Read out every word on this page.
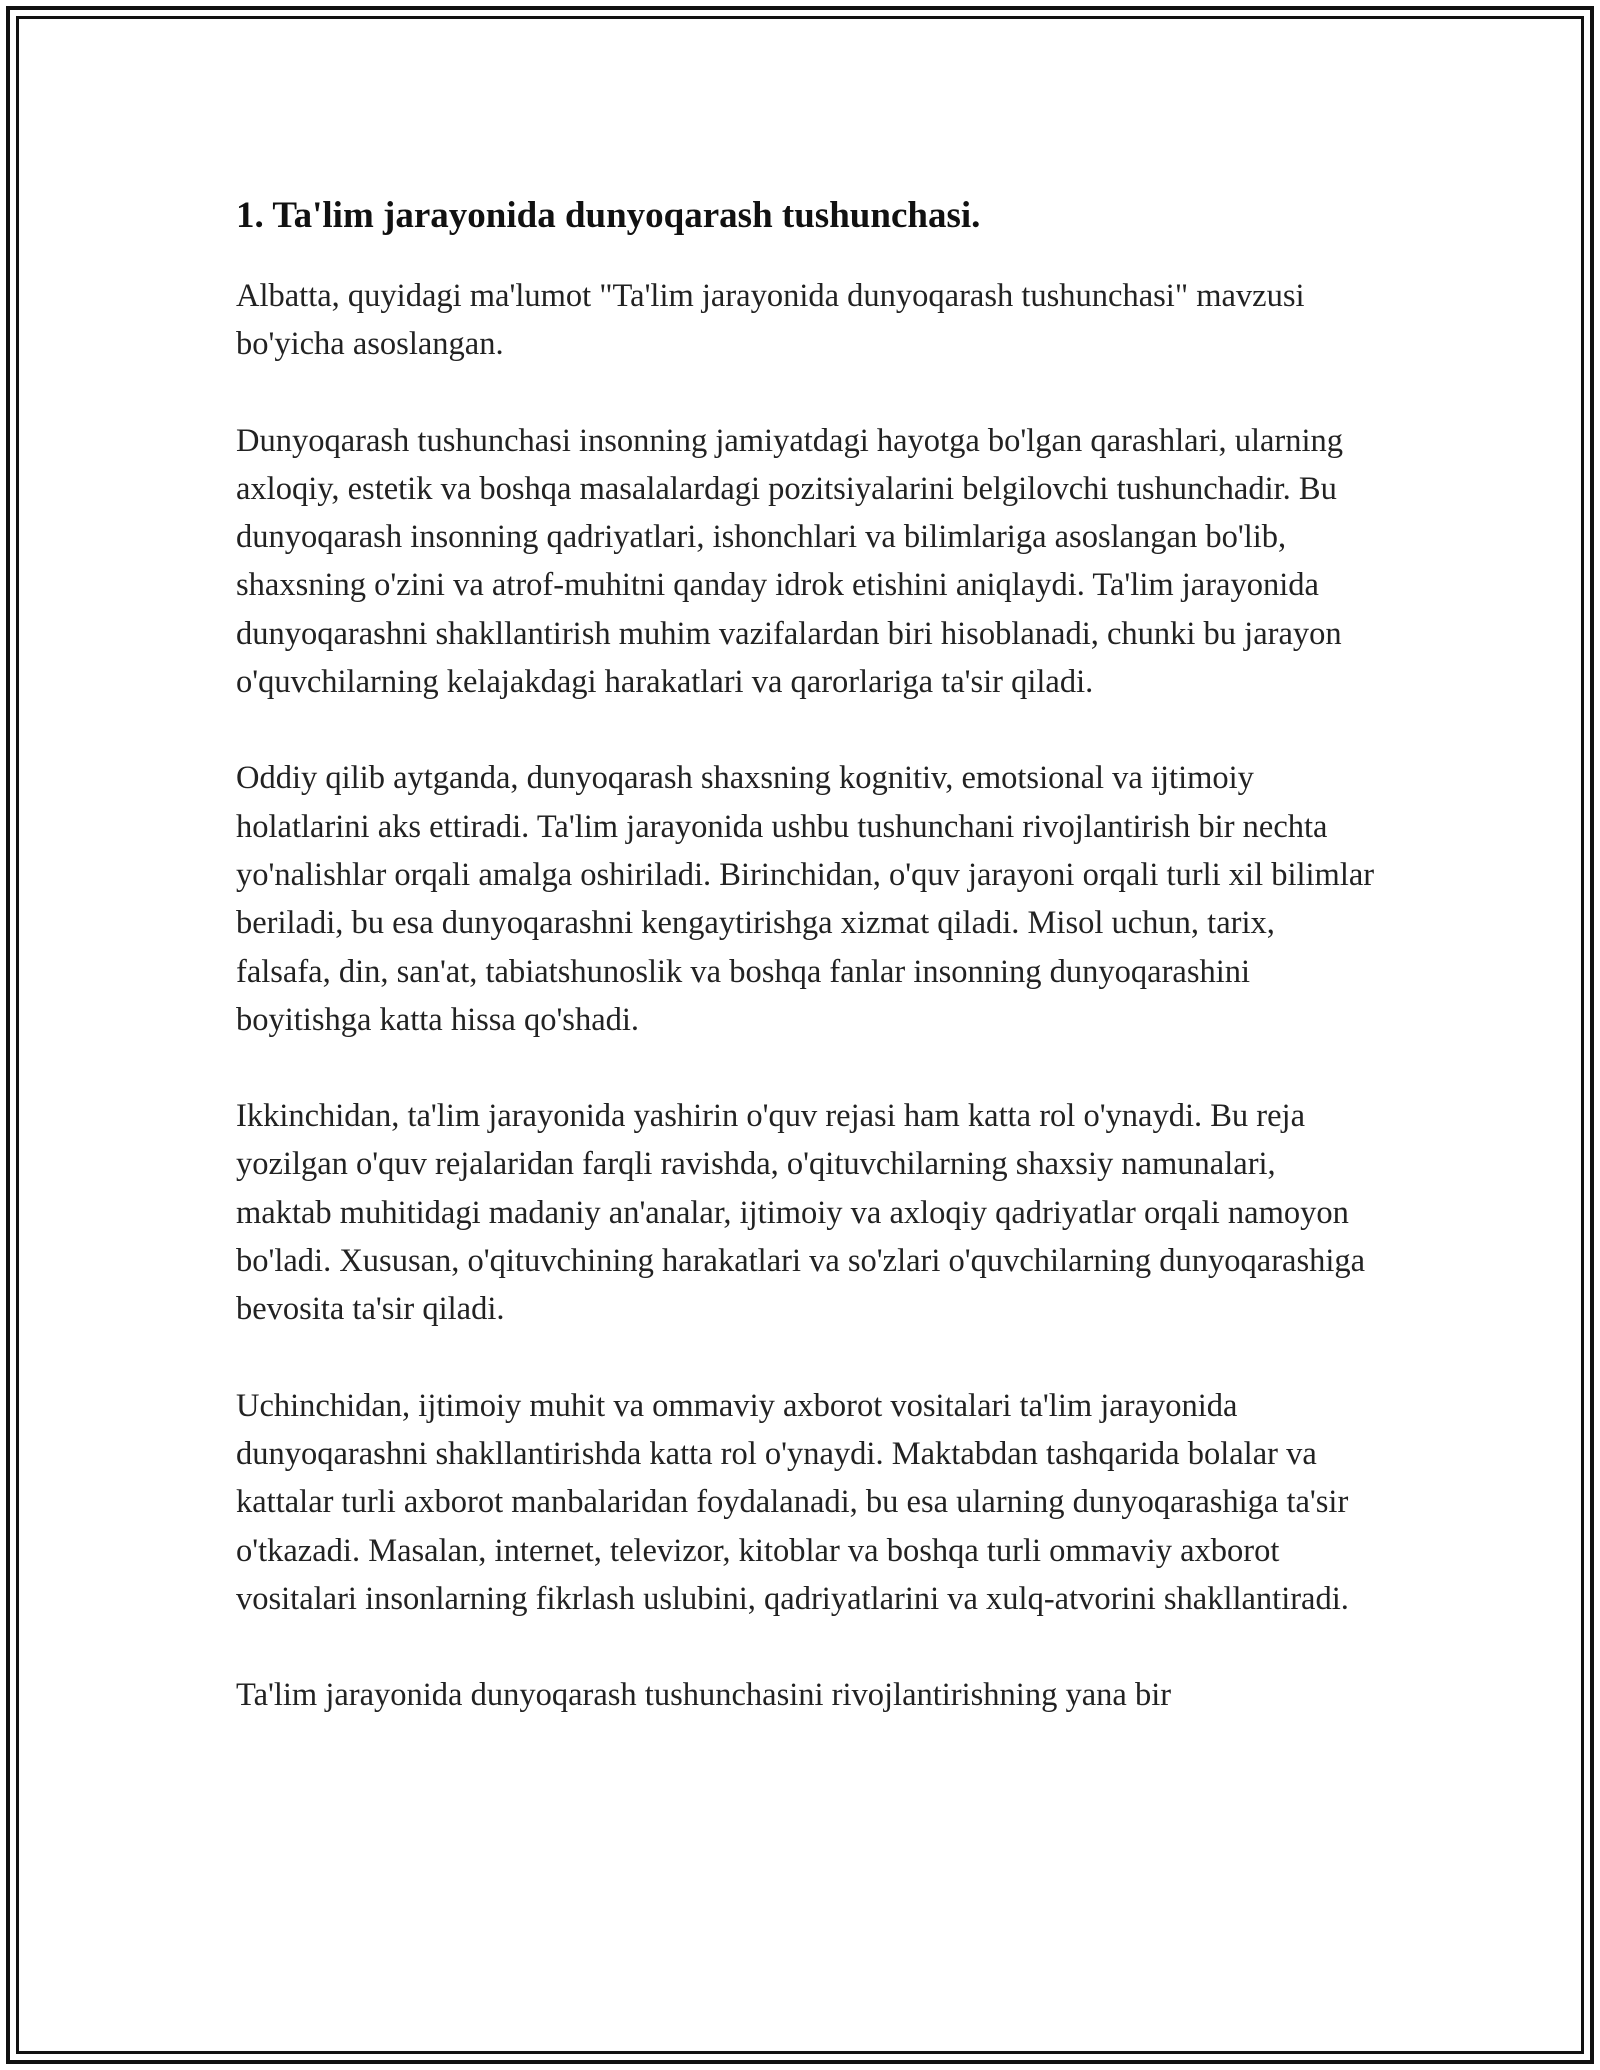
1. Ta'lim jarayonida dunyoqarash tushunchasi.

Albatta, quyidagi ma'lumot "Ta'lim jarayonida dunyoqarash tushunchasi" mavzusi bo'yicha asoslangan.

Dunyoqarash tushunchasi insonning jamiyatdagi hayotga bo'lgan qarashlari, ularning axloqiy, estetik va boshqa masalalardagi pozitsiyalarini belgilovchi tushunchadir. Bu dunyoqarash insonning qadriyatlari, ishonchlari va bilimlariga asoslangan bo'lib, shaxsning o'zini va atrof-muhitni qanday idrok etishini aniqlaydi. Ta'lim jarayonida dunyoqarashni shakllantirish muhim vazifalardan biri hisoblanadi, chunki bu jarayon o'quvchilarning kelajakdagi harakatlari va qarorlariga ta'sir qiladi.

Oddiy qilib aytganda, dunyoqarash shaxsning kognitiv, emotsional va ijtimoiy holatlarini aks ettiradi. Ta'lim jarayonida ushbu tushunchani rivojlantirish bir nechta yo'nalishlar orqali amalga oshiriladi. Birinchidan, o'quv jarayoni orqali turli xil bilimlar beriladi, bu esa dunyoqarashni kengaytirishga xizmat qiladi. Misol uchun, tarix, falsafa, din, san'at, tabiatshunoslik va boshqa fanlar insonning dunyoqarashini boyitishga katta hissa qo'shadi.

Ikkinchidan, ta'lim jarayonida yashirin o'quv rejasi ham katta rol o'ynaydi. Bu reja yozilgan o'quv rejalaridan farqli ravishda, o'qituvchilarning shaxsiy namunalari, maktab muhitidagi madaniy an'analar, ijtimoiy va axloqiy qadriyatlar orqali namoyon bo'ladi. Xususan, o'qituvchining harakatlari va so'zlari o'quvchilarning dunyoqarashiga bevosita ta'sir qiladi.

Uchinchidan, ijtimoiy muhit va ommaviy axborot vositalari ta'lim jarayonida dunyoqarashni shakllantirishda katta rol o'ynaydi. Maktabdan tashqarida bolalar va kattalar turli axborot manbalaridan foydalanadi, bu esa ularning dunyoqarashiga ta'sir o'tkazadi. Masalan, internet, televizor, kitoblar va boshqa turli ommaviy axborot vositalari insonlarning fikrlash uslubini, qadriyatlarini va xulq-atvorini shakllantiradi.

Ta'lim jarayonida dunyoqarash tushunchasini rivojlantirishning yana bir
